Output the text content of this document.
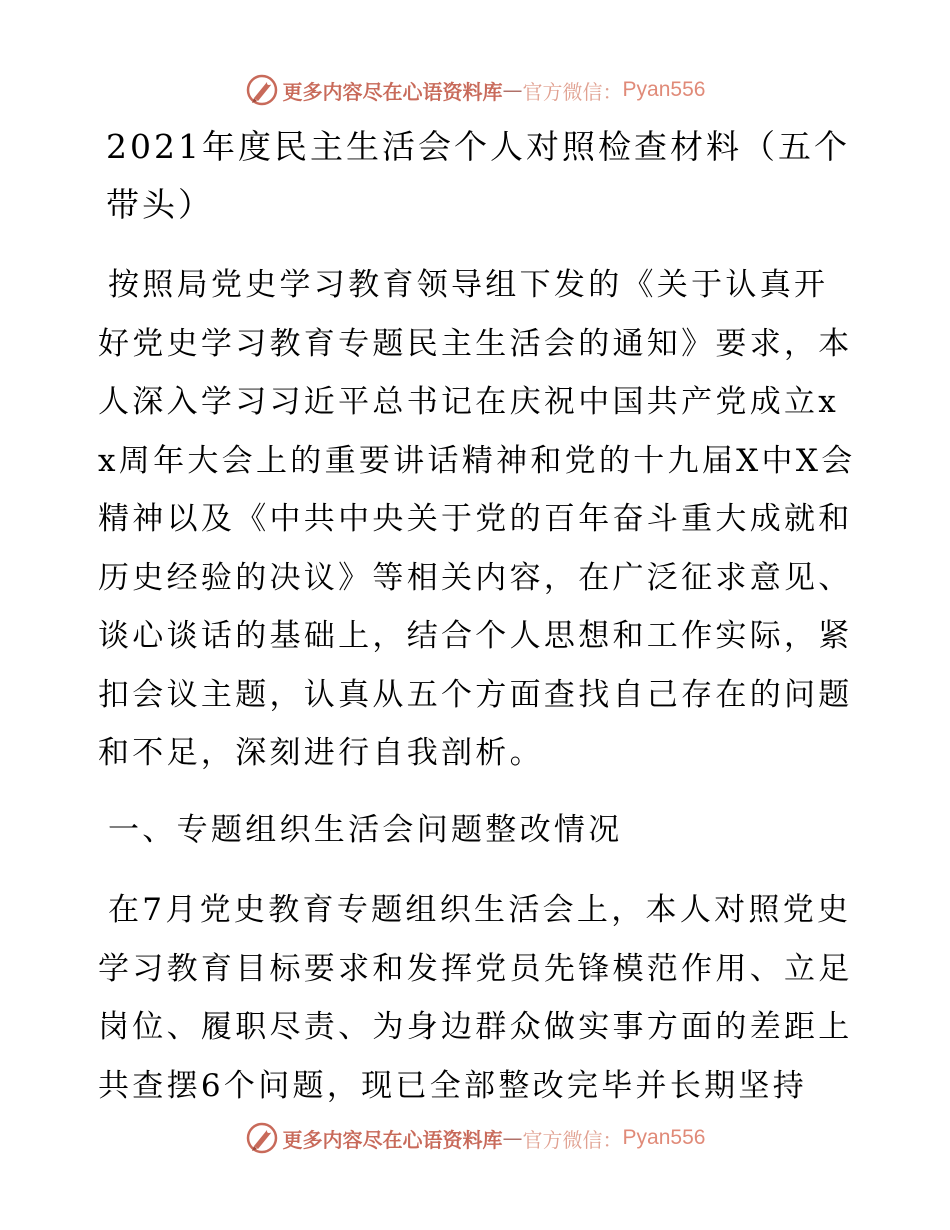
更多内容尽在心语资料库 — 官方微信： Pyan556

2021年度民主生活会个人对照检查材料（五个带头）

按照局党史学习教育领导组下发的《关于认真开好党史学习教育专题民主生活会的通知》要求，本人深入学习习近平总书记在庆祝中国共产党成立xx周年大会上的重要讲话精神和党的十九届X中X会精神以及《中共中央关于党的百年奋斗重大成就和历史经验的决议》等相关内容，在广泛征求意见、谈心谈话的基础上，结合个人思想和工作实际，紧扣会议主题，认真从五个方面查找自己存在的问题和不足，深刻进行自我剖析。

一、专题组织生活会问题整改情况

在7月党史教育专题组织生活会上，本人对照党史学习教育目标要求和发挥党员先锋模范作用、立足岗位、履职尽责、为身边群众做实事方面的差距上共查摆6个问题，现已全部整改完毕并长期坚持

更多内容尽在心语资料库 — 官方微信： Pyan556
